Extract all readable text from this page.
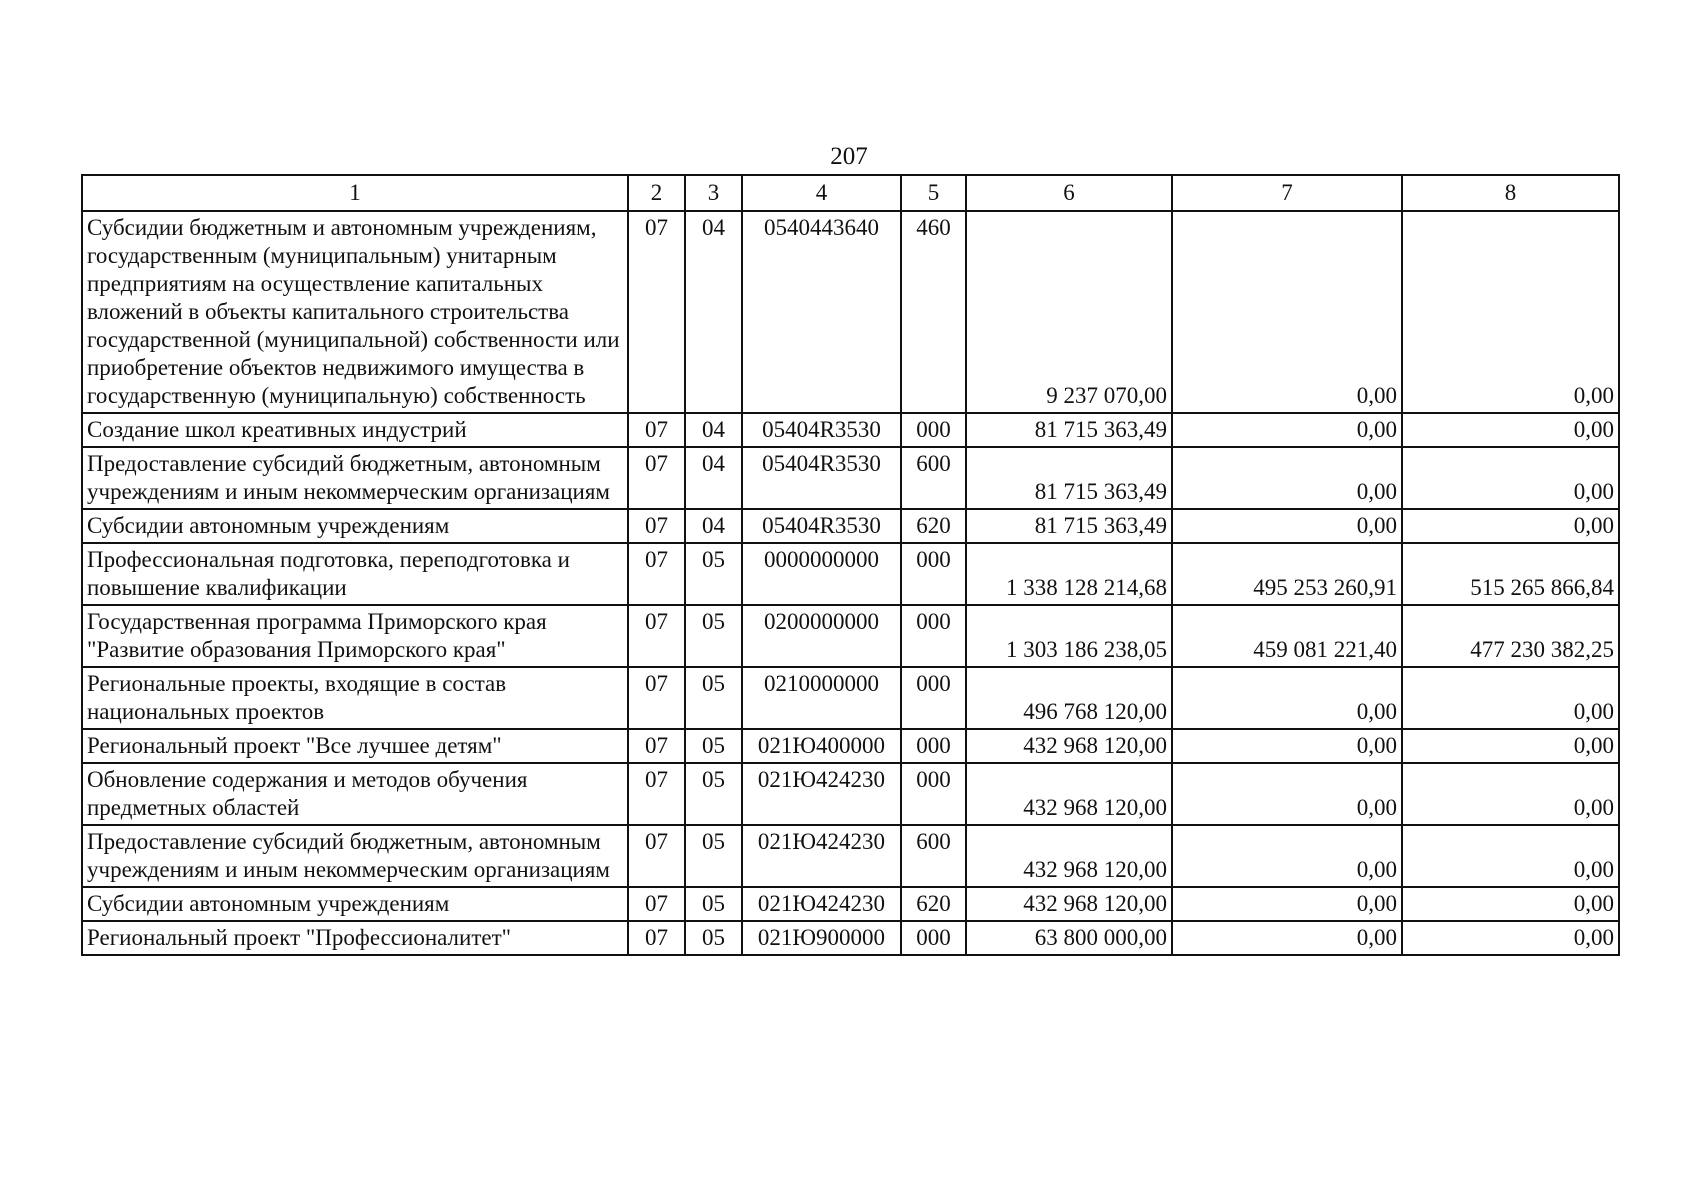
207
1	2	3	4	5	6	7	8
Субсидии бюджетным и автономным учреждениям, государственным (муниципальным) унитарным предприятиям на осуществление капитальных вложений в объекты капитального строительства государственной (муниципальной) собственности или приобретение объектов недвижимого имущества в государственную (муниципальную) собственность	07	04	0540443640	460	9 237 070,00	0,00	0,00
Создание школ креативных индустрий	07	04	05404R3530	000	81 715 363,49	0,00	0,00
Предоставление субсидий бюджетным, автономным учреждениям и иным некоммерческим организациям	07	04	05404R3530	600	81 715 363,49	0,00	0,00
Субсидии автономным учреждениям	07	04	05404R3530	620	81 715 363,49	0,00	0,00
Профессиональная подготовка, переподготовка и повышение квалификации	07	05	0000000000	000	1 338 128 214,68	495 253 260,91	515 265 866,84
Государственная программа Приморского края "Развитие образования Приморского края"	07	05	0200000000	000	1 303 186 238,05	459 081 221,40	477 230 382,25
Региональные проекты, входящие в состав национальных проектов	07	05	0210000000	000	496 768 120,00	0,00	0,00
Региональный проект "Все лучшее детям"	07	05	021Ю400000	000	432 968 120,00	0,00	0,00
Обновление содержания и методов обучения предметных областей	07	05	021Ю424230	000	432 968 120,00	0,00	0,00
Предоставление субсидий бюджетным, автономным учреждениям и иным некоммерческим организациям	07	05	021Ю424230	600	432 968 120,00	0,00	0,00
Субсидии автономным учреждениям	07	05	021Ю424230	620	432 968 120,00	0,00	0,00
Региональный проект "Профессионалитет"	07	05	021Ю900000	000	63 800 000,00	0,00	0,00
